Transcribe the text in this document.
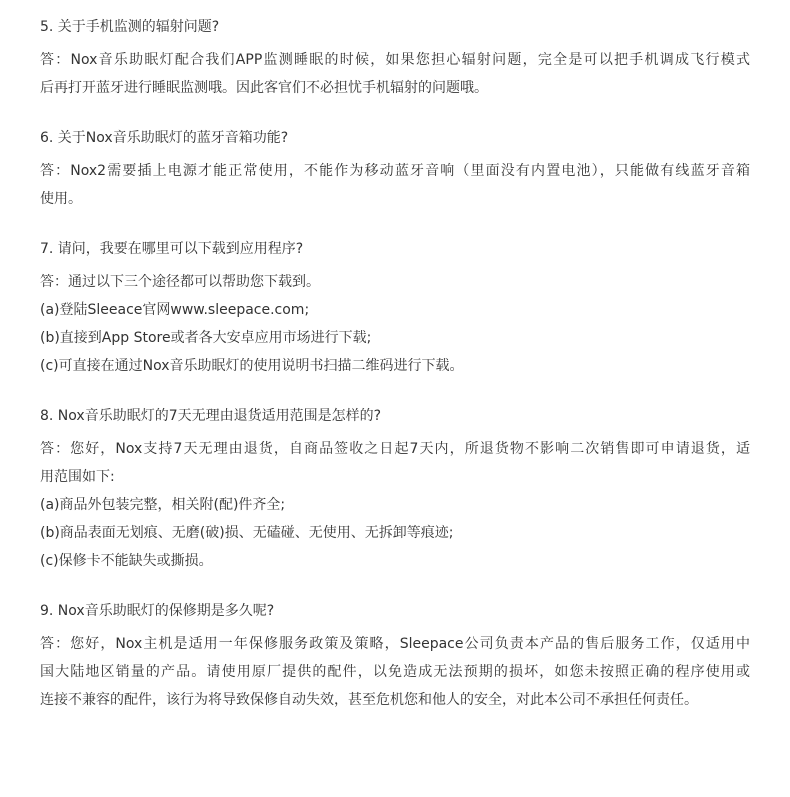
5. 关于手机监测的辐射问题?

答：Nox音乐助眠灯配合我们APP监测睡眠的时候，如果您担心辐射问题，完全是可以把手机调成飞行模式
后再打开蓝牙进行睡眠监测哦。因此客官们不必担忧手机辐射的问题哦。

6. 关于Nox音乐助眠灯的蓝牙音箱功能?

答：Nox2需要插上电源才能正常使用，不能作为移动蓝牙音响（里面没有内置电池），只能做有线蓝牙音箱
使用。

7. 请问，我要在哪里可以下载到应用程序?

答：通过以下三个途径都可以帮助您下载到。
(a)登陆Sleeace官网www.sleepace.com;
(b)直接到App Store或者各大安卓应用市场进行下载;
(c)可直接在通过Nox音乐助眠灯的使用说明书扫描二维码进行下载。

8. Nox音乐助眠灯的7天无理由退货适用范围是怎样的?

答：您好，Nox支持7天无理由退货，自商品签收之日起7天内，所退货物不影响二次销售即可申请退货，适
用范围如下:
(a)商品外包装完整，相关附(配)件齐全;
(b)商品表面无划痕、无磨(破)损、无磕碰、无使用、无拆卸等痕迹;
(c)保修卡不能缺失或撕损。

9. Nox音乐助眠灯的保修期是多久呢?

答：您好，Nox主机是适用一年保修服务政策及策略，Sleepace公司负责本产品的售后服务工作，仅适用中
国大陆地区销量的产品。请使用原厂提供的配件，以免造成无法预期的损坏，如您未按照正确的程序使用或
连接不兼容的配件，该行为将导致保修自动失效，甚至危机您和他人的安全，对此本公司不承担任何责任。
